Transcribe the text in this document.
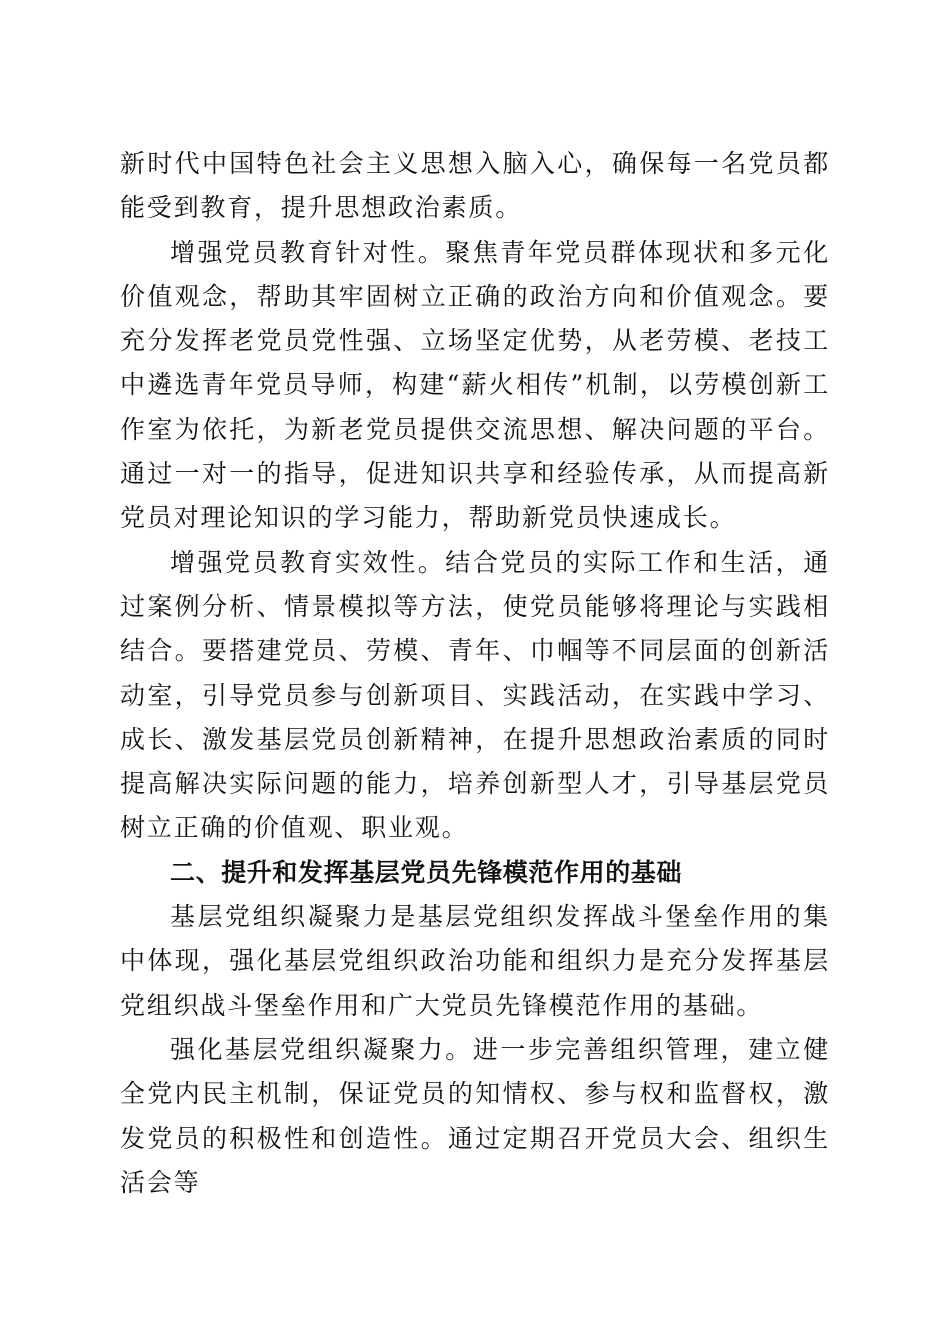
新时代中国特色社会主义思想入脑入心，确保每一名党员都能受到教育，提升思想政治素质。

增强党员教育针对性。聚焦青年党员群体现状和多元化价值观念，帮助其牢固树立正确的政治方向和价值观念。要充分发挥老党员党性强、立场坚定优势，从老劳模、老技工中遴选青年党员导师，构建“薪火相传”机制，以劳模创新工作室为依托，为新老党员提供交流思想、解决问题的平台。通过一对一的指导，促进知识共享和经验传承，从而提高新党员对理论知识的学习能力，帮助新党员快速成长。

增强党员教育实效性。结合党员的实际工作和生活，通过案例分析、情景模拟等方法，使党员能够将理论与实践相结合。要搭建党员、劳模、青年、巾帼等不同层面的创新活动室，引导党员参与创新项目、实践活动，在实践中学习、成长、激发基层党员创新精神，在提升思想政治素质的同时提高解决实际问题的能力，培养创新型人才，引导基层党员树立正确的价值观、职业观。

二、提升和发挥基层党员先锋模范作用的基础

基层党组织凝聚力是基层党组织发挥战斗堡垒作用的集中体现，强化基层党组织政治功能和组织力是充分发挥基层党组织战斗堡垒作用和广大党员先锋模范作用的基础。

强化基层党组织凝聚力。进一步完善组织管理，建立健全党内民主机制，保证党员的知情权、参与权和监督权，激发党员的积极性和创造性。通过定期召开党员大会、组织生活会等
